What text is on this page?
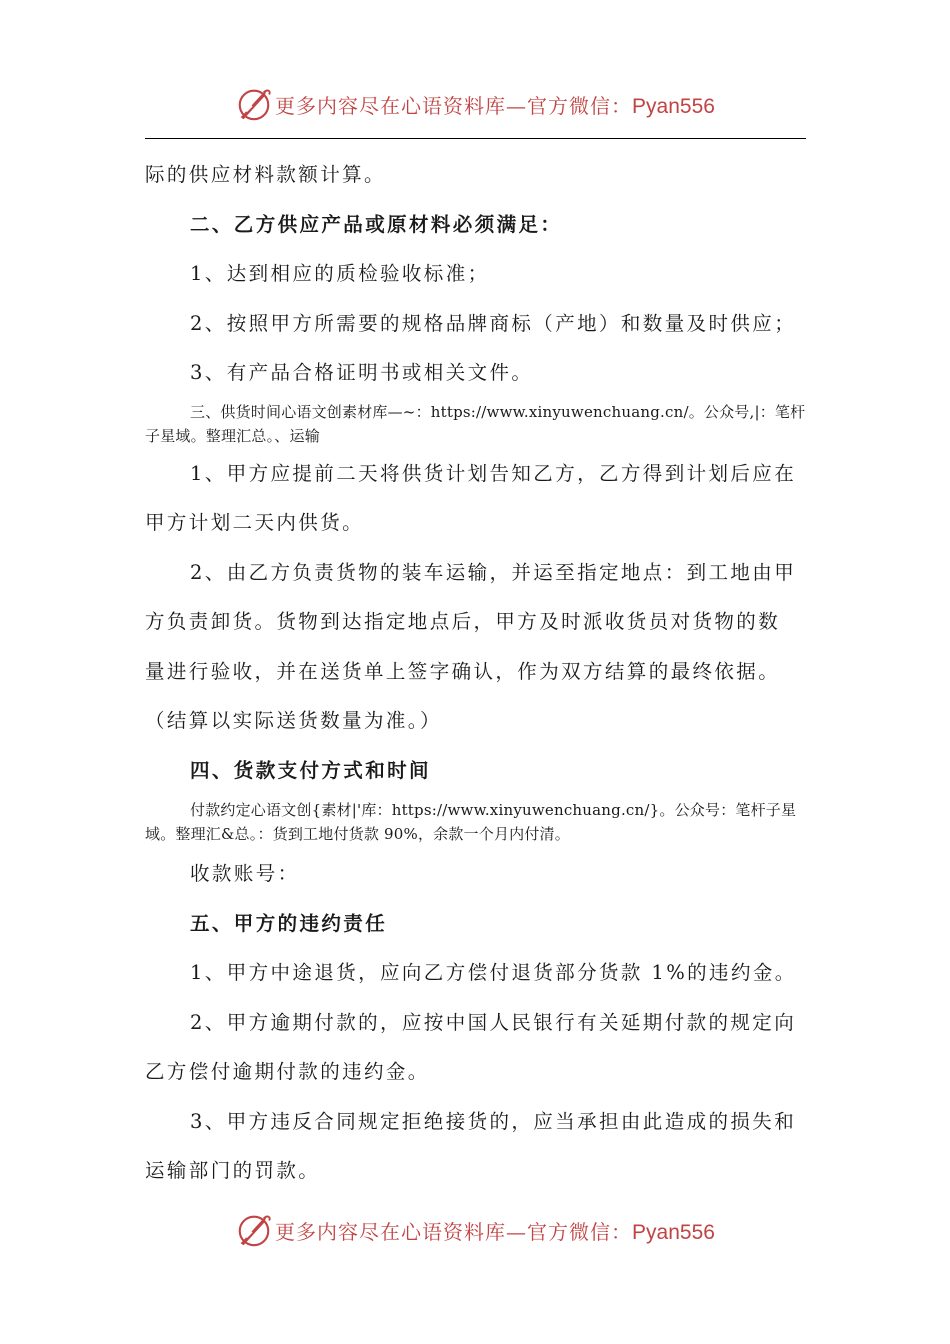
更多内容尽在心语资料库—官方微信：Pyan556

际的供应材料款额计算。

二、乙方供应产品或原材料必须满足：

1、达到相应的质检验收标准；

2、按照甲方所需要的规格品牌商标（产地）和数量及时供应；

3、有产品合格证明书或相关文件。

三、供货时间心语文创素材库—~：https://www.xinyuwenchuang.cn/。公众号,|：笔杆子星域。整理汇总。、运输

1、甲方应提前二天将供货计划告知乙方，乙方得到计划后应在

甲方计划二天内供货。

2、由乙方负责货物的装车运输，并运至指定地点：到工地由甲

方负责卸货。货物到达指定地点后，甲方及时派收货员对货物的数

量进行验收，并在送货单上签字确认，作为双方结算的最终依据。

（结算以实际送货数量为准。）

四、货款支付方式和时间

付款约定心语文创{素材|'库：https://www.xinyuwenchuang.cn/}。公众号：笔杆子星域。整理汇&总。：货到工地付货款 90%，余款一个月内付清。

收款账号：

五、甲方的违约责任

1、甲方中途退货，应向乙方偿付退货部分货款 1%的违约金。

2、甲方逾期付款的，应按中国人民银行有关延期付款的规定向

乙方偿付逾期付款的违约金。

3、甲方违反合同规定拒绝接货的，应当承担由此造成的损失和

运输部门的罚款。

更多内容尽在心语资料库—官方微信：Pyan556
